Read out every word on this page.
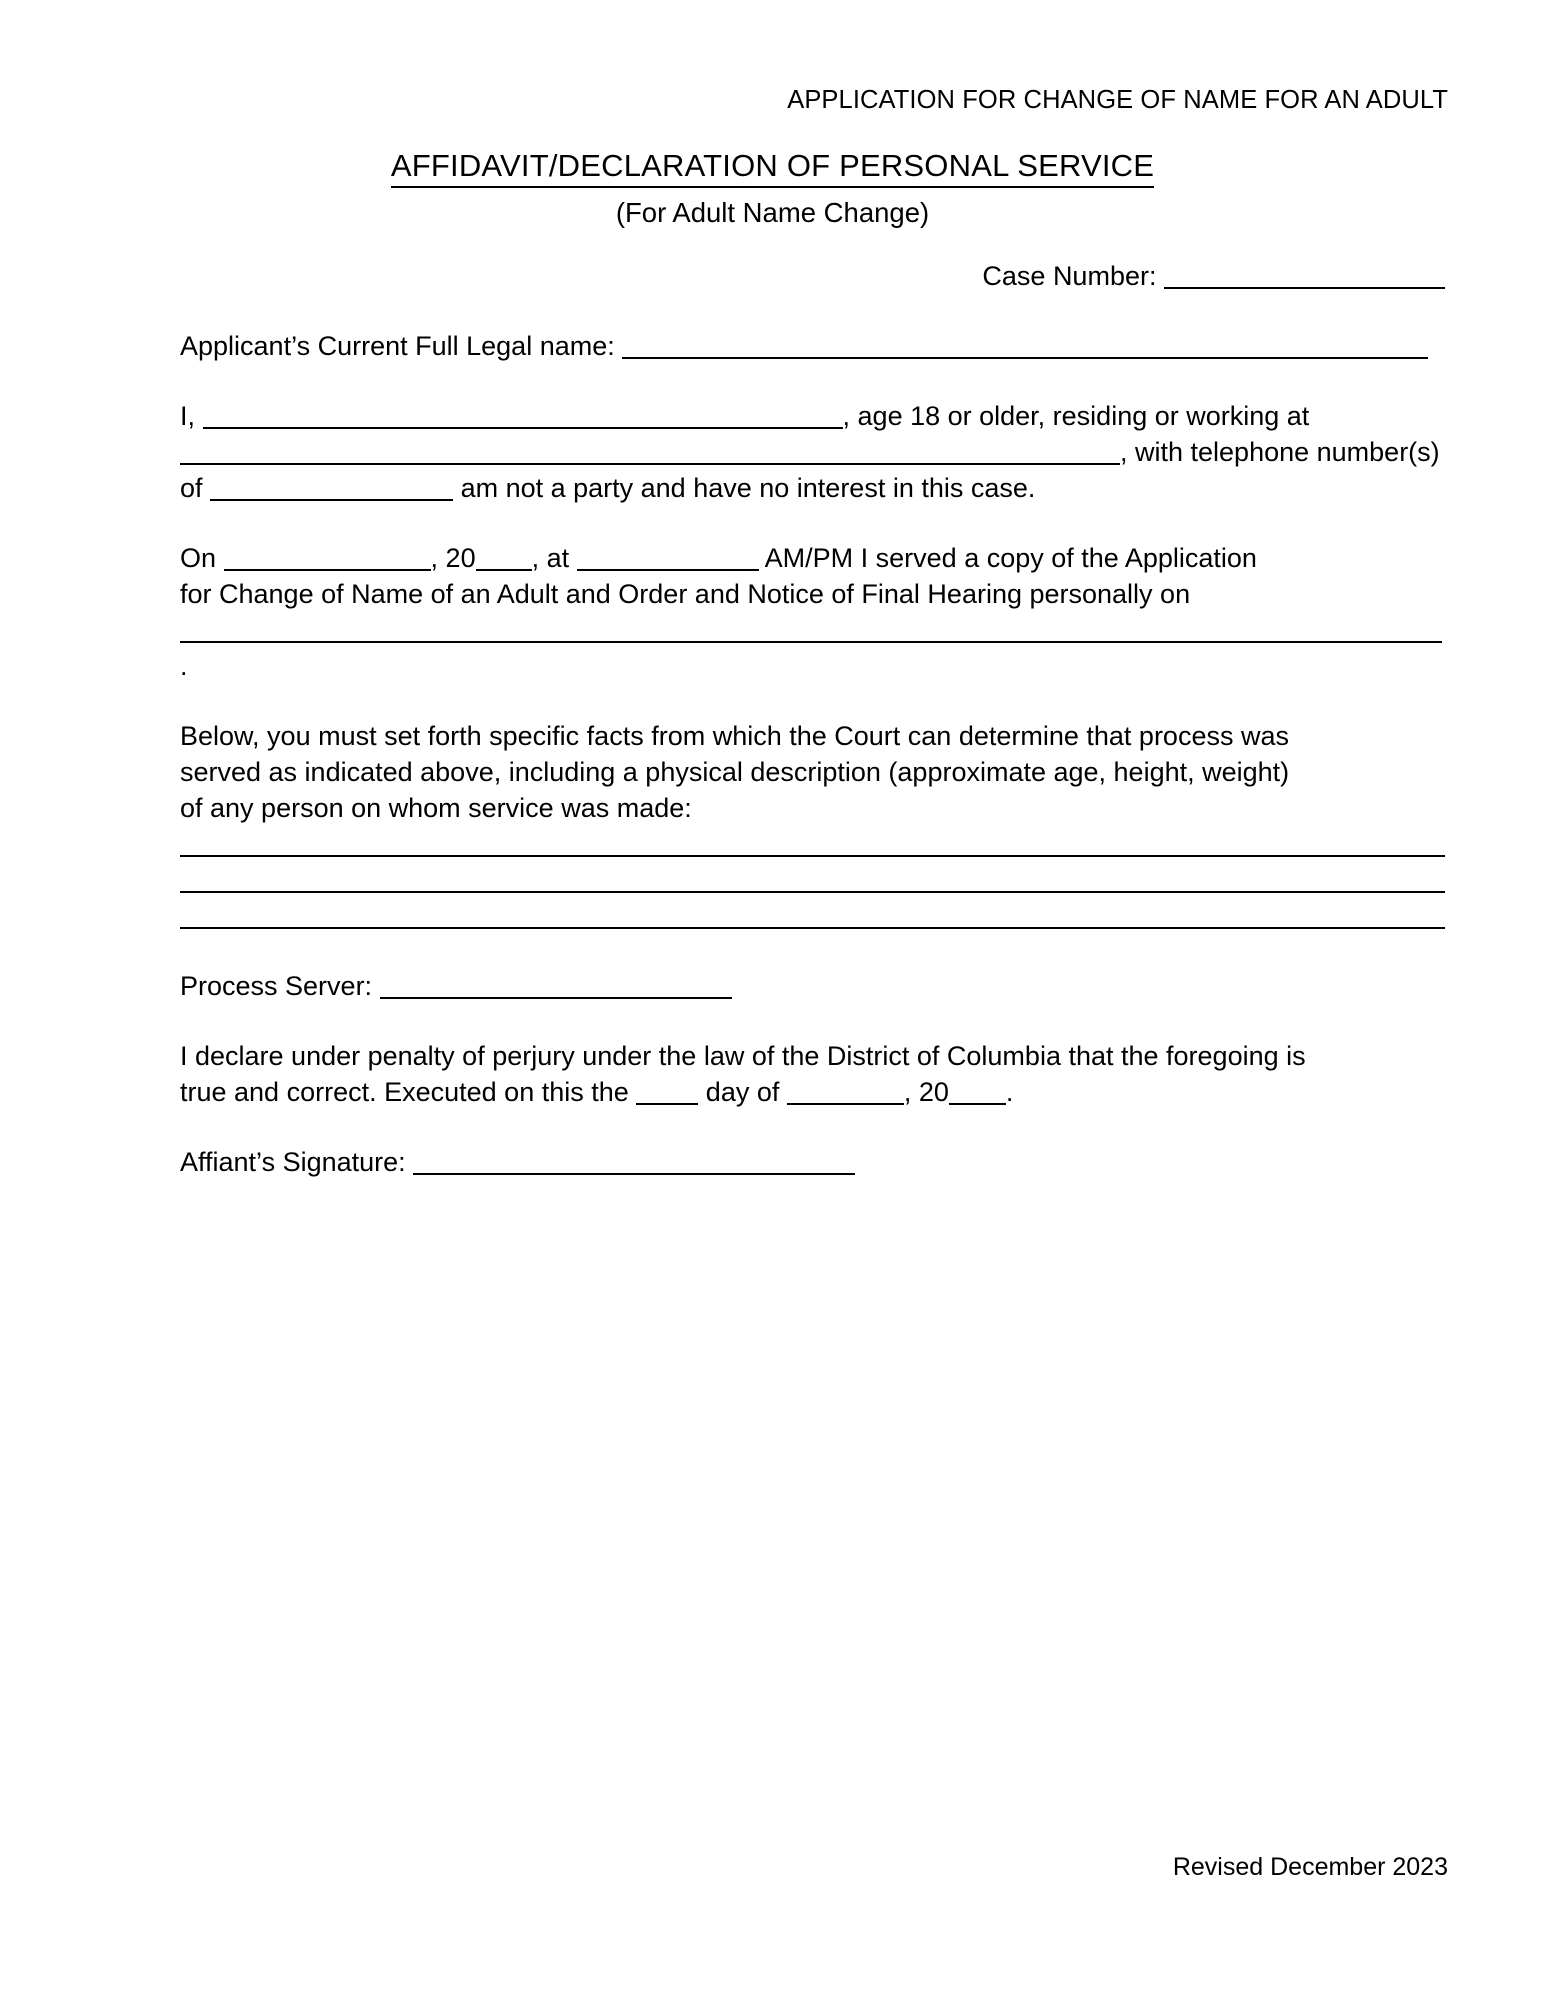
APPLICATION FOR CHANGE OF NAME FOR AN ADULT
AFFIDAVIT/DECLARATION OF PERSONAL SERVICE
(For Adult Name Change)
Case Number:

Applicant’s Current Full Legal name:

I,	, age 18 or older, residing or working at
, with telephone number(s)
of	am not a party and have no interest in this case.

On	, 20 , at	AM/PM I served a copy of the Application
for Change of Name of an Adult and Order and Notice of Final Hearing personally on
.

Below, you must set forth specific facts from which the Court can determine that process was
served as indicated above, including a physical description (approximate age, height, weight)
of any person on whom service was made:

Process Server:

I declare under penalty of perjury under the law of the District of Columbia that the foregoing is
true and correct. Executed on this the	day of	, 20 .

Affiant’s Signature:

Revised December 2023
